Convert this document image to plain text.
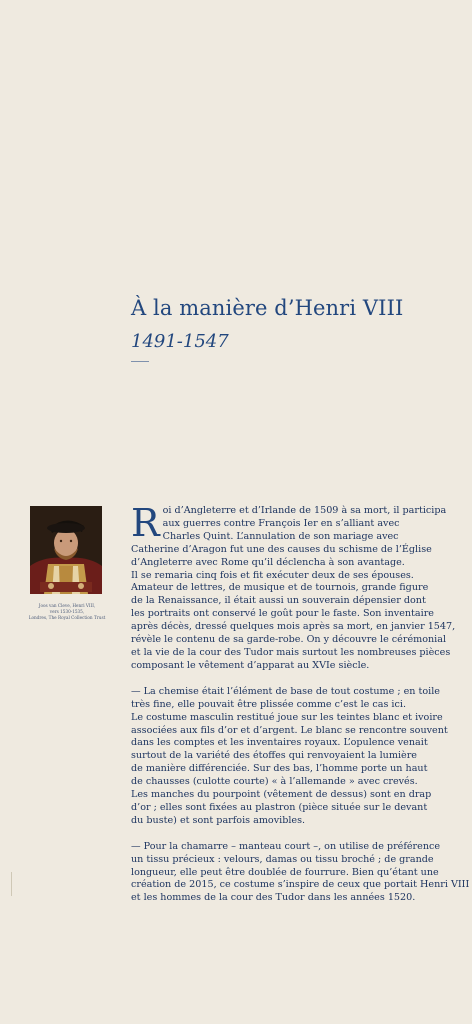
À la manière d’Henri VIII
1491-1547
Joos van Cleve, Henri VIII,
vers 1530-1535,
Londres, The Royal Collection Trust

R oi d’Angleterre et d’Irlande de 1509 à sa mort, il participa
aux guerres contre François Ier en s’alliant avec
Charles Quint. L’annulation de son mariage avec
Catherine d’Aragon fut une des causes du schisme de l’Église
d’Angleterre avec Rome qu’il déclencha à son avantage.
Il se remaria cinq fois et fit exécuter deux de ses épouses.
Amateur de lettres, de musique et de tournois, grande figure
de la Renaissance, il était aussi un souverain dépensier dont
les portraits ont conservé le goût pour le faste. Son inventaire
après décès, dressé quelques mois après sa mort, en janvier 1547,
révèle le contenu de sa garde-robe. On y découvre le cérémonial
et la vie de la cour des Tudor mais surtout les nombreuses pièces
composant le vêtement d’apparat au XVIe siècle.

— La chemise était l’élément de base de tout costume ; en toile
très fine, elle pouvait être plissée comme c’est le cas ici.
Le costume masculin restitué joue sur les teintes blanc et ivoire
associées aux fils d’or et d’argent. Le blanc se rencontre souvent
dans les comptes et les inventaires royaux. L’opulence venait
surtout de la variété des étoffes qui renvoyaient la lumière
de manière différenciée. Sur des bas, l’homme porte un haut
de chausses (culotte courte) « à l’allemande » avec crevés.
Les manches du pourpoint (vêtement de dessus) sont en drap
d’or ; elles sont fixées au plastron (pièce située sur le devant
du buste) et sont parfois amovibles.

— Pour la chamarre – manteau court –, on utilise de préférence
un tissu précieux : velours, damas ou tissu broché ; de grande
longueur, elle peut être doublée de fourrure. Bien qu’étant une
création de 2015, ce costume s’inspire de ceux que portait Henri VIII
et les hommes de la cour des Tudor dans les années 1520.
